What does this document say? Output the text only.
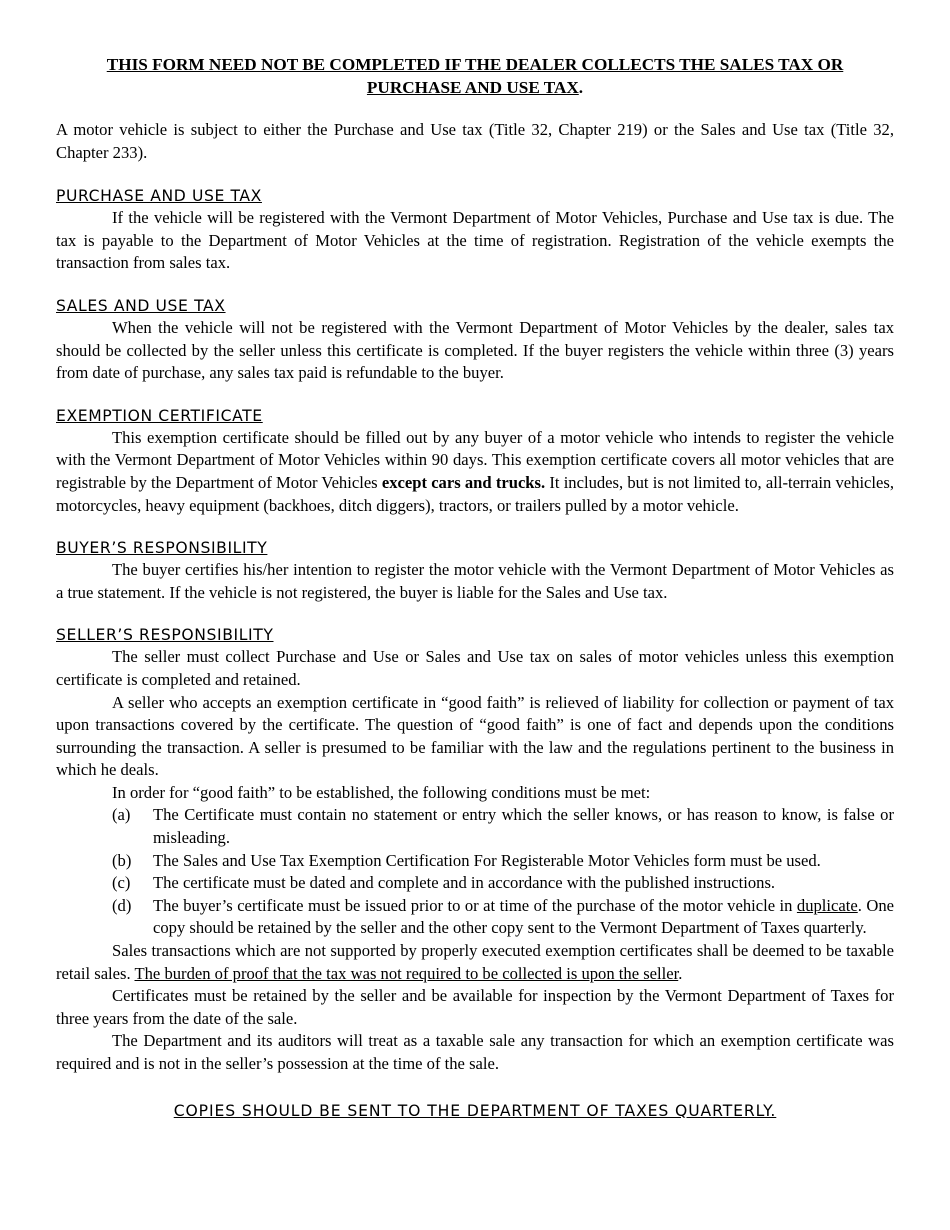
THIS FORM NEED NOT BE COMPLETED IF THE DEALER COLLECTS THE SALES TAX OR
PURCHASE AND USE TAX.

A motor vehicle is subject to either the Purchase and Use tax (Title 32, Chapter 219) or the Sales and Use tax (Title 32, Chapter 233).

PURCHASE AND USE TAX

If the vehicle will be registered with the Vermont Department of Motor Vehicles, Purchase and Use tax is due. The tax is payable to the Department of Motor Vehicles at the time of registration. Registration of the vehicle exempts the transaction from sales tax.

SALES AND USE TAX

When the vehicle will not be registered with the Vermont Department of Motor Vehicles by the dealer, sales tax should be collected by the seller unless this certificate is completed. If the buyer registers the vehicle within three (3) years from date of purchase, any sales tax paid is refundable to the buyer.

EXEMPTION CERTIFICATE

This exemption certificate should be filled out by any buyer of a motor vehicle who intends to register the vehicle with the Vermont Department of Motor Vehicles within 90 days. This exemption certificate covers all motor vehicles that are registrable by the Department of Motor Vehicles except cars and trucks. It includes, but is not limited to, all-terrain vehicles, motorcycles, heavy equipment (backhoes, ditch diggers), tractors, or trailers pulled by a motor vehicle.

BUYER’S RESPONSIBILITY

The buyer certifies his/her intention to register the motor vehicle with the Vermont Department of Motor Vehicles as a true statement. If the vehicle is not registered, the buyer is liable for the Sales and Use tax.

SELLER’S RESPONSIBILITY

The seller must collect Purchase and Use or Sales and Use tax on sales of motor vehicles unless this exemption certificate is completed and retained.

A seller who accepts an exemption certificate in “good faith” is relieved of liability for collection or payment of tax upon transactions covered by the certificate. The question of “good faith” is one of fact and depends upon the conditions surrounding the transaction. A seller is presumed to be familiar with the law and the regulations pertinent to the business in which he deals.

In order for “good faith” to be established, the following conditions must be met:

(a) The Certificate must contain no statement or entry which the seller knows, or has reason to know, is false or misleading.
(b) The Sales and Use Tax Exemption Certification For Registerable Motor Vehicles form must be used.
(c) The certificate must be dated and complete and in accordance with the published instructions.
(d) The buyer’s certificate must be issued prior to or at time of the purchase of the motor vehicle in duplicate. One copy should be retained by the seller and the other copy sent to the Vermont Department of Taxes quarterly.

Sales transactions which are not supported by properly executed exemption certificates shall be deemed to be taxable retail sales. The burden of proof that the tax was not required to be collected is upon the seller.

Certificates must be retained by the seller and be available for inspection by the Vermont Department of Taxes for three years from the date of the sale.

The Department and its auditors will treat as a taxable sale any transaction for which an exemption certificate was required and is not in the seller’s possession at the time of the sale.

COPIES SHOULD BE SENT TO THE DEPARTMENT OF TAXES QUARTERLY.
